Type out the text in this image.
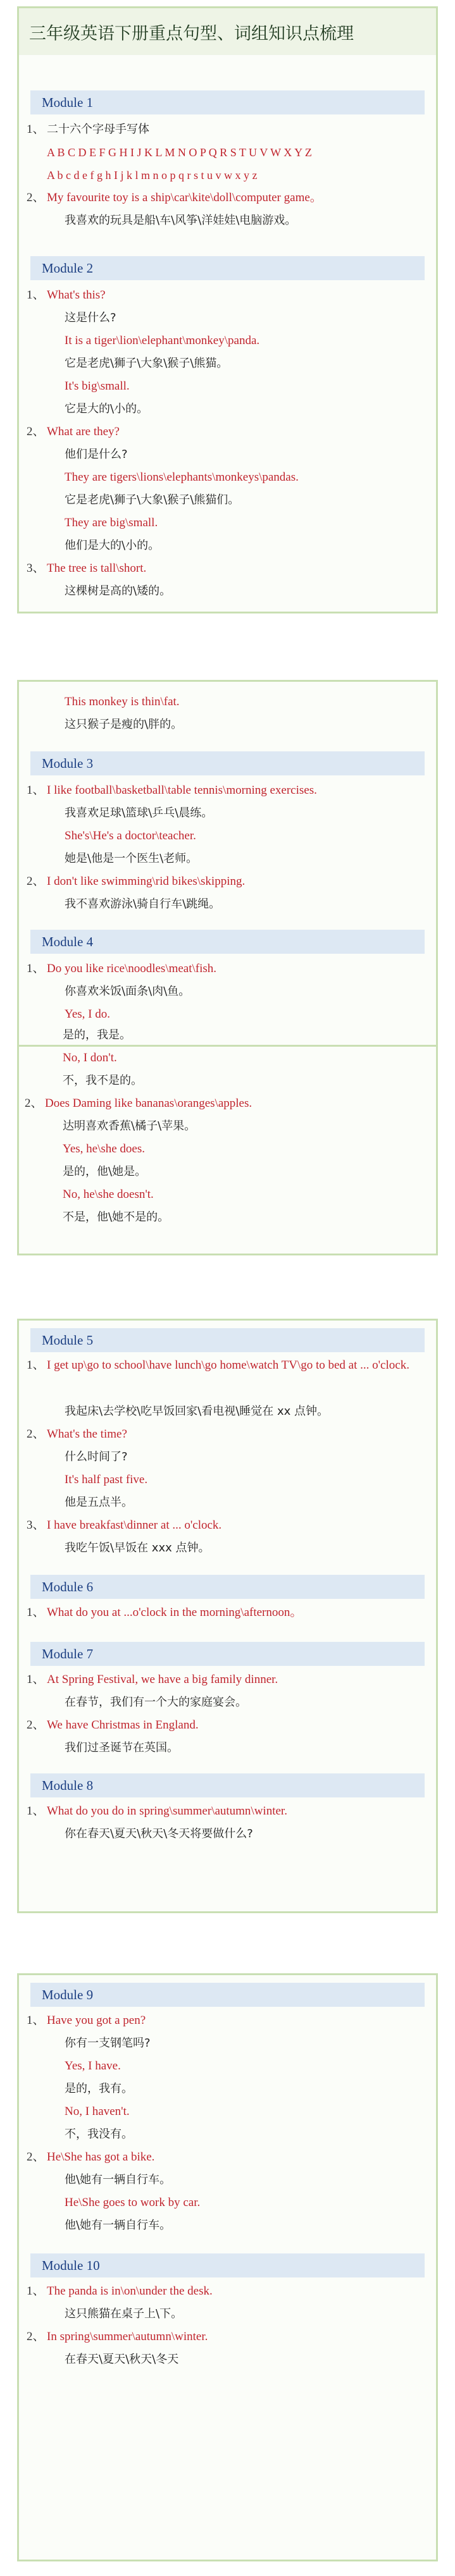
三年级英语下册重点句型、词组知识点梳理
Module 1
1、 二十六个字母手写体
A B C D E F G H I J K L M N O P Q R S T U V W X Y Z
A b c d e f g h I j k l m n o p q r s t u v w x y z
2、 My favourite toy is a ship\car\kite\doll\computer game。
我喜欢的玩具是船\车\风筝\洋娃娃\电脑游戏。
Module 2
1、 What's this?
这是什么?
It is a tiger\lion\elephant\monkey\panda.
它是老虎\狮子\大象\猴子\熊猫。
It's big\small.
它是大的\小的。
2、 What are they?
他们是什么?
They are tigers\lions\elephants\monkeys\pandas.
它是老虎\狮子\大象\猴子\熊猫们。
They are big\small.
他们是大的\小的。
3、 The tree is tall\short.
这棵树是高的\矮的。
This monkey is thin\fat.
这只猴子是瘦的\胖的。
Module 3
1、 I like football\basketball\table tennis\morning exercises.
我喜欢足球\篮球\乒乓\晨练。
She's\He's a doctor\teacher.
她是\他是一个医生\老师。
2、 I don't like swimming\rid bikes\skipping.
我不喜欢游泳\骑自行车\跳绳。
Module 4
1、 Do you like rice\noodles\meat\fish.
你喜欢米饭\面条\肉\鱼。
Yes, I do.
是的，我是。
No, I don't.
不，我不是的。
2、 Does Daming like bananas\oranges\apples.
达明喜欢香蕉\橘子\苹果。
Yes, he\she does.
是的，他\她是。
No, he\she doesn't.
不是，他\她不是的。
Module 5
1、 I get up\go to school\have lunch\go home\watch TV\go to bed at ... o'clock.
我起床\去学校\吃早饭回家\看电视\睡觉在 xx 点钟。
2、 What's the time?
什么时间了?
It's half past five.
他是五点半。
3、 I have breakfast\dinner at ... o'clock.
我吃午饭\早饭在 xxx 点钟。
Module 6
1、 What do you at ...o'clock in the morning\afternoon。
Module 7
1、 At Spring Festival, we have a big family dinner.
在春节，我们有一个大的家庭宴会。
2、 We have Christmas in England.
我们过圣诞节在英国。
Module 8
1、 What do you do in spring\summer\autumn\winter.
你在春天\夏天\秋天\冬天将要做什么?
Module 9
1、 Have you got a pen?
你有一支钢笔吗?
Yes, I have.
是的，我有。
No, I haven't.
不，我没有。
2、 He\She has got a bike.
他\她有一辆自行车。
He\She goes to work by car.
他\她有一辆自行车。
Module 10
1、 The panda is in\on\under the desk.
这只熊猫在桌子上\下。
2、 In spring\summer\autumn\winter.
在春天\夏天\秋天\冬天
